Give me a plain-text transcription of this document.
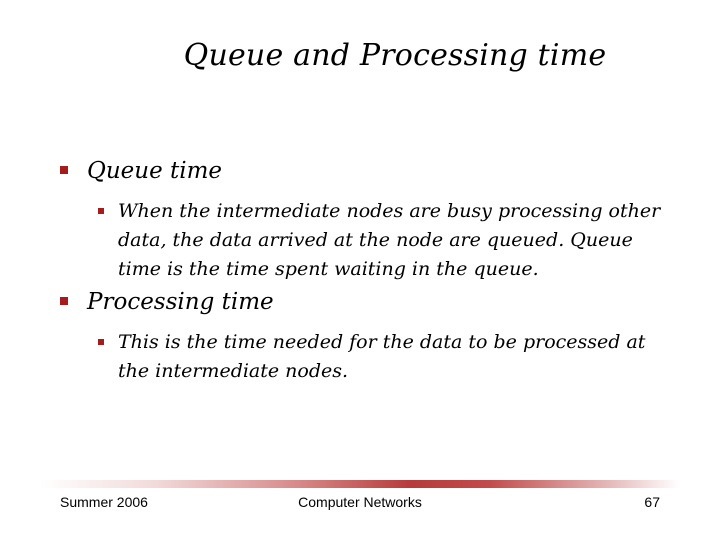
Queue and Processing time
Queue time
When the intermediate nodes are busy processing other data, the data arrived at the node are queued. Queue time is the time spent waiting in the queue.
Processing time
This is the time needed for the data to be processed at the intermediate nodes.
Summer 2006	Computer Networks	67
